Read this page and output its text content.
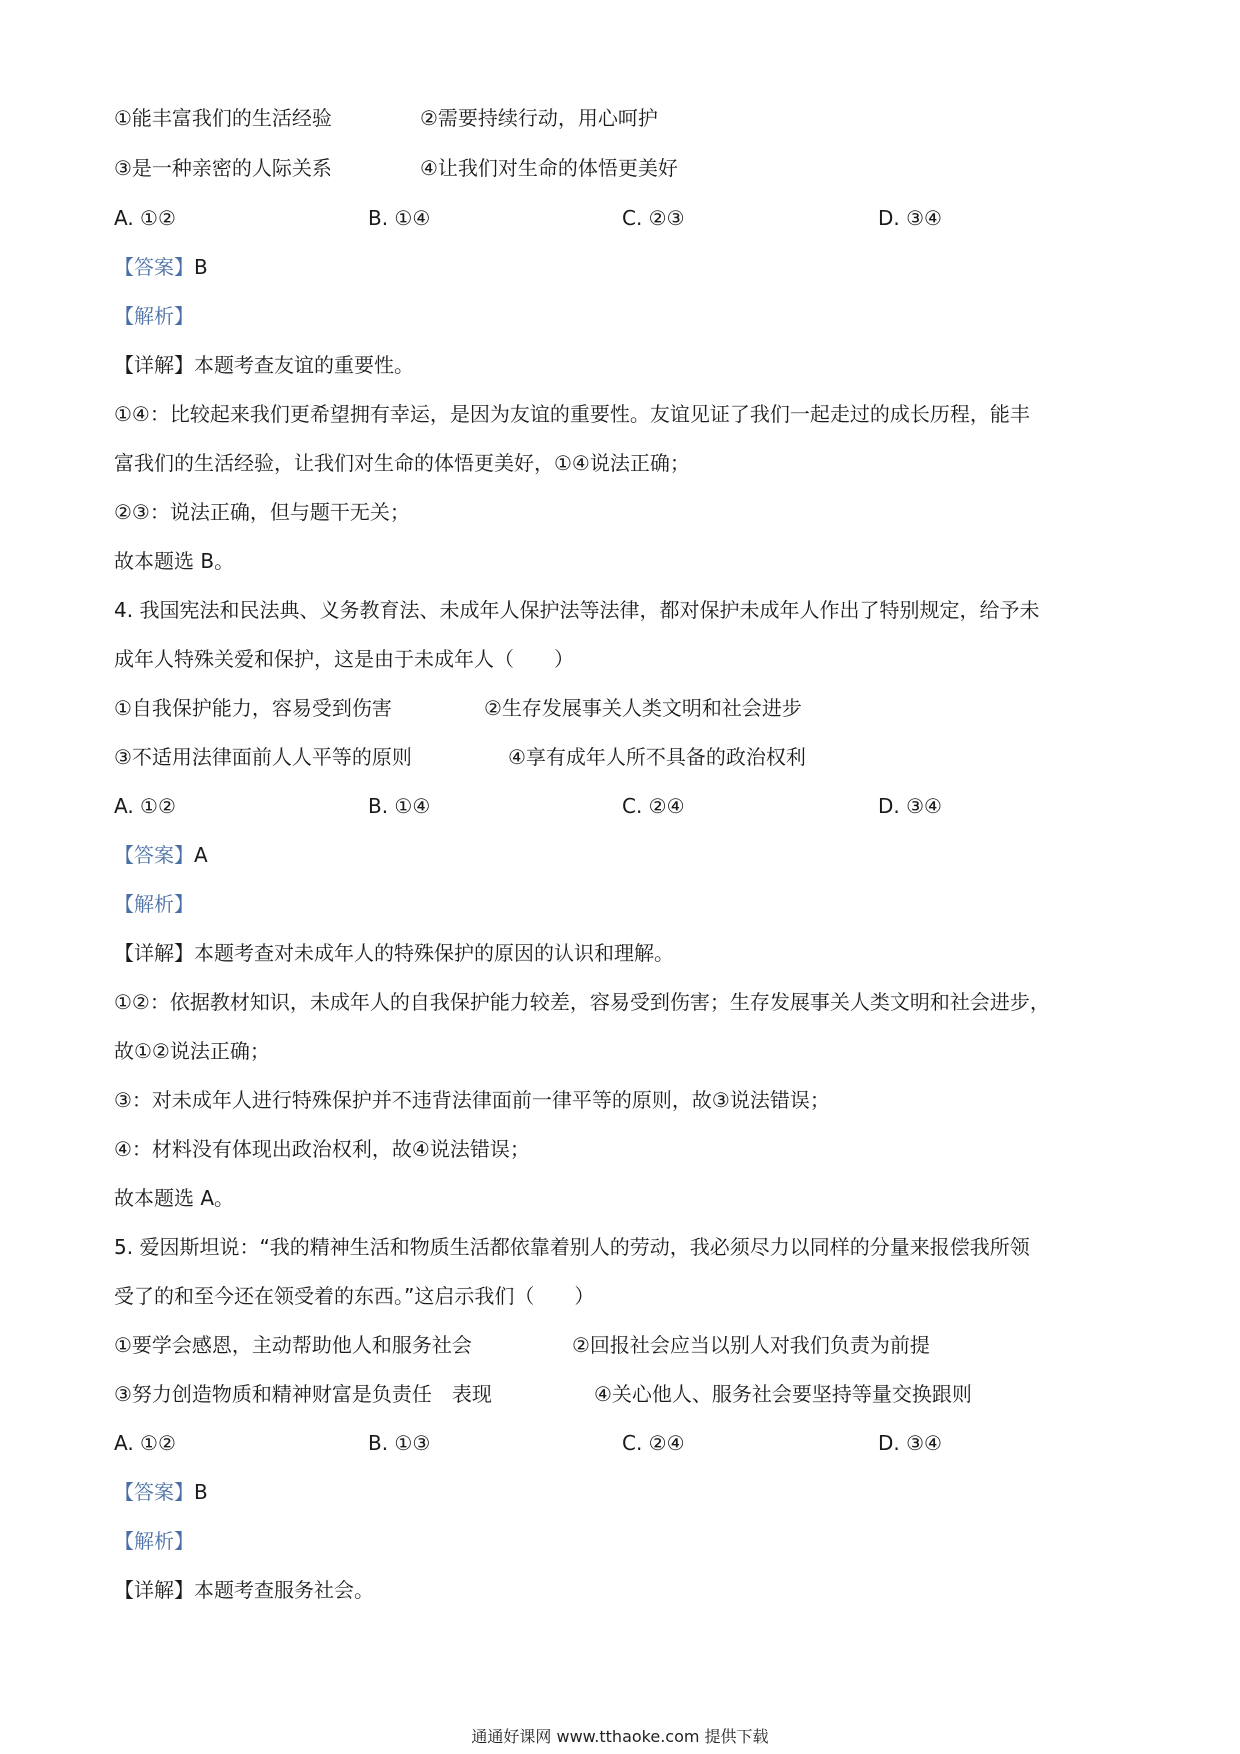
①能丰富我们的生活经验	②需要持续行动，用心呵护
③是一种亲密的人际关系	④让我们对生命的体悟更美好
A. ①②	B. ①④	C. ②③	D. ③④
【答案】B
【解析】
【详解】本题考查友谊的重要性。
①④：比较起来我们更希望拥有幸运，是因为友谊的重要性。友谊见证了我们一起走过的成长历程，能丰
富我们的生活经验，让我们对生命的体悟更美好，①④说法正确；
②③：说法正确，但与题干无关；
故本题选 B。
4. 我国宪法和民法典、义务教育法、未成年人保护法等法律，都对保护未成年人作出了特别规定，给予未
成年人特殊关爱和保护，这是由于未成年人（　　）
①自我保护能力，容易受到伤害	②生存发展事关人类文明和社会进步
③不适用法律面前人人平等的原则	④享有成年人所不具备的政治权利
A. ①②	B. ①④	C. ②④	D. ③④
【答案】A
【解析】
【详解】本题考查对未成年人的特殊保护的原因的认识和理解。
①②：依据教材知识，未成年人的自我保护能力较差，容易受到伤害；生存发展事关人类文明和社会进步，
故①②说法正确；
③：对未成年人进行特殊保护并不违背法律面前一律平等的原则，故③说法错误；
④：材料没有体现出政治权利，故④说法错误；
故本题选 A。
5. 爱因斯坦说：“我的精神生活和物质生活都依靠着别人的劳动，我必须尽力以同样的分量来报偿我所领
受了的和至今还在领受着的东西。”这启示我们（　　）
①要学会感恩，主动帮助他人和服务社会	②回报社会应当以别人对我们负责为前提
③努力创造物质和精神财富是负责任　表现	④关心他人、服务社会要坚持等量交换跟则
A. ①②	B. ①③	C. ②④	D. ③④
【答案】B
【解析】
【详解】本题考查服务社会。
通通好课网 www.tthaoke.com 提供下载
